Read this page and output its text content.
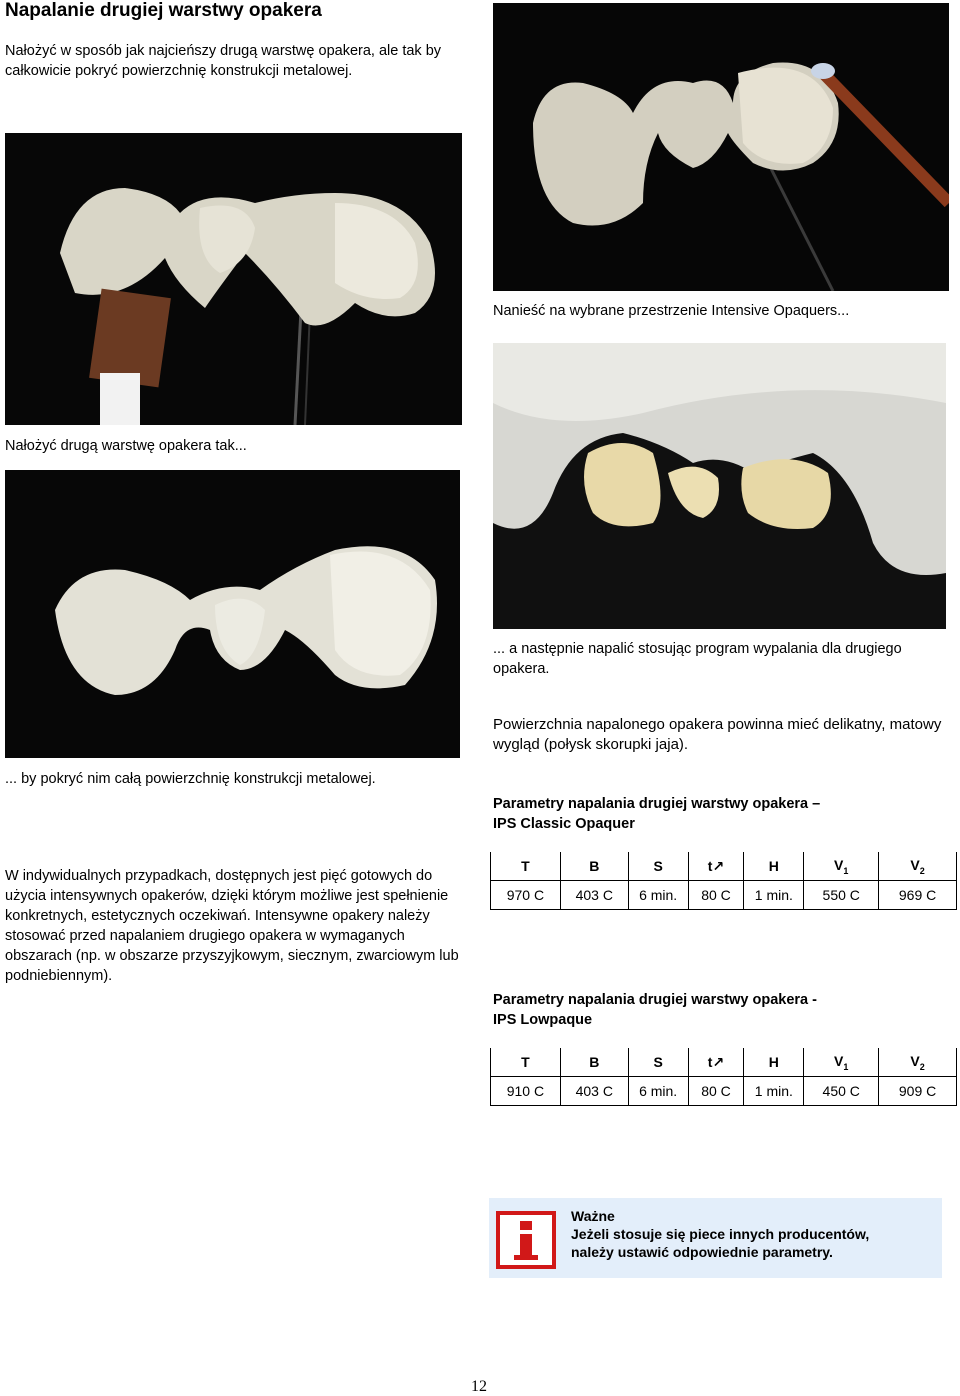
Napalanie drugiej warstwy opakera
Nałożyć w sposób jak najcieńszy drugą warstwę opakera, ale tak by całkowicie pokryć powierzchnię konstrukcji metalowej.
Nałożyć drugą warstwę opakera tak...
... by pokryć nim całą powierzchnię konstrukcji metalowej.
W indywidualnych przypadkach, dostępnych jest pięć gotowych do użycia intensywnych opakerów, dzięki którym możliwe jest spełnienie konkretnych, estetycznych oczekiwań. Intensywne opakery należy stosować przed napalaniem drugiego opakera w wymaganych obszarach (np. w obszarze przyszyjkowym, siecznym, zwarciowym lub podniebiennym).
Nanieść na wybrane przestrzenie Intensive Opaquers...
... a następnie napalić stosując program wypalania dla drugiego opakera.
Powierzchnia napalonego opakera powinna mieć delikatny, matowy wygląd (połysk skorupki jaja).
Parametry napalania drugiej warstwy opakera –
IPS Classic Opaquer
T	B	S	t↗	H	$V_1$	$V_2$
970 C	403 C	6 min.	80 C	1 min.	550 C	969 C
Parametry napalania drugiej warstwy opakera -
IPS Lowpaque
T	B	S	t↗	H	$V_1$	$V_2$
910 C	403 C	6 min.	80 C	1 min.	450 C	909 C
Ważne
Jeżeli stosuje się piece innych producentów,
należy ustawić odpowiednie parametry.
12
